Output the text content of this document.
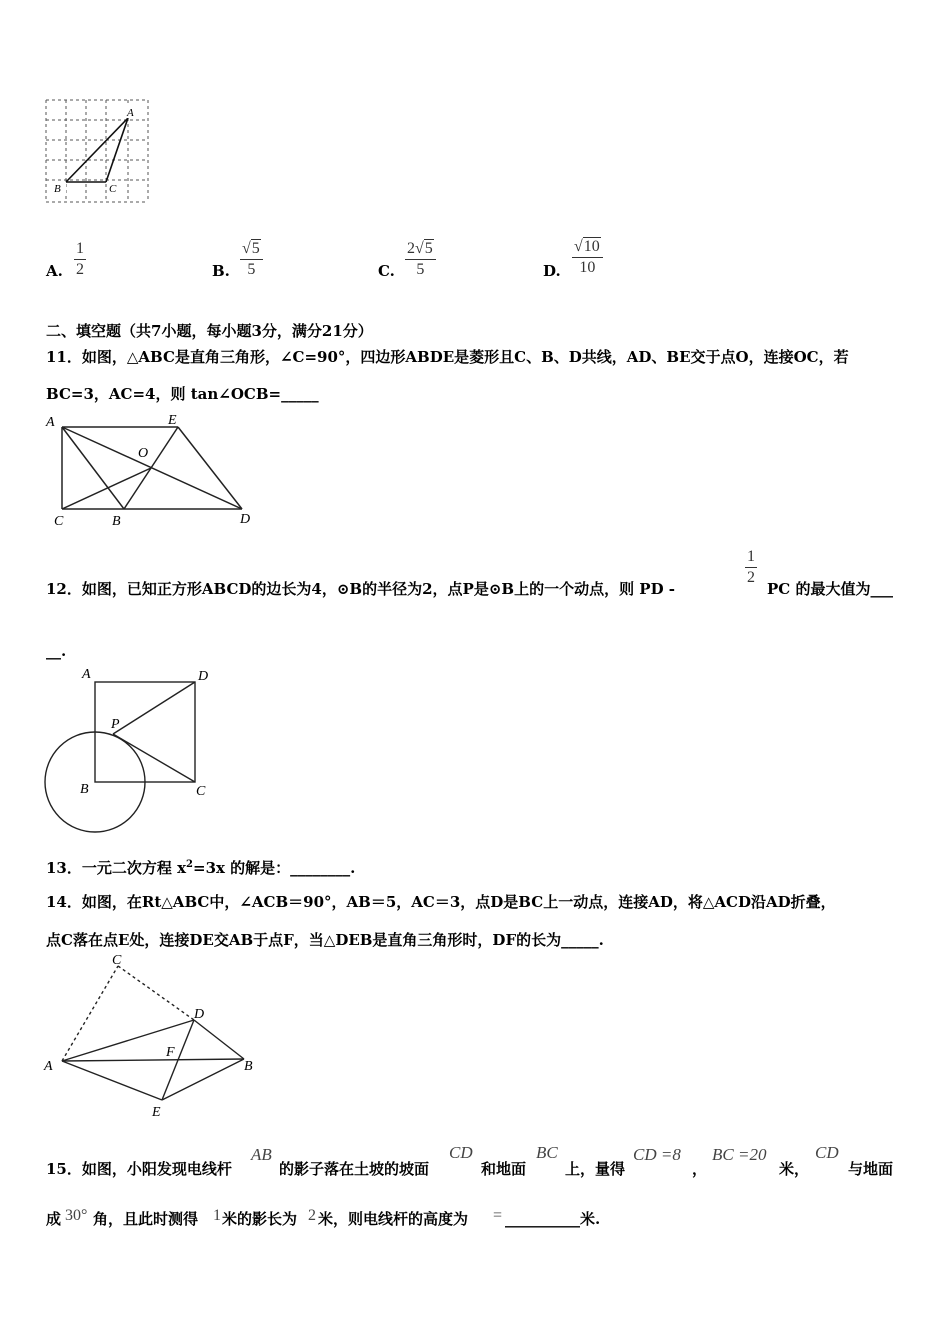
A
B	C
A. $\frac{1}{2}$	B. $\frac{√5}{5}$	C. $\frac{2√5}{5}$	D. $\frac{√10}{10}$
二、填空题（共7小题，每小题3分，满分21分）
11．如图，△ABC是直角三角形，∠C=90°，四边形ABDE是菱形且C、B、D共线，AD、BE交于点O，连接OC，若
BC=3，AC=4，则 tan∠OCB=_____
A	E
O
C	B	D
12．如图，已知正方形ABCD的边长为4，⊙B的半径为2，点P是⊙B上的一个动点，则 PD -
$\frac{1}{2}$
PC 的最大值为___
__.
A	D
P
B	C
13．一元二次方程 $x^2=3x$ 的解是：________.
14．如图，在Rt△ABC中，∠ACB＝90°，AB＝5，AC＝3，点D是BC上一动点，连接AD，将△ACD沿AD折叠，
点C落在点E处，连接DE交AB于点F，当△DEB是直角三角形时，DF的长为_____.
C
D
A
F
B
E
15．如图，小阳发现电线杆
AB
的影子落在土坡的坡面
CD
和地面
BC
上，量得
CD =8
，
BC =20
米，
CD
与地面
成 30° 角，且此时测得 1 米的影长为 2 米，则电线杆的高度为 = __________米.
